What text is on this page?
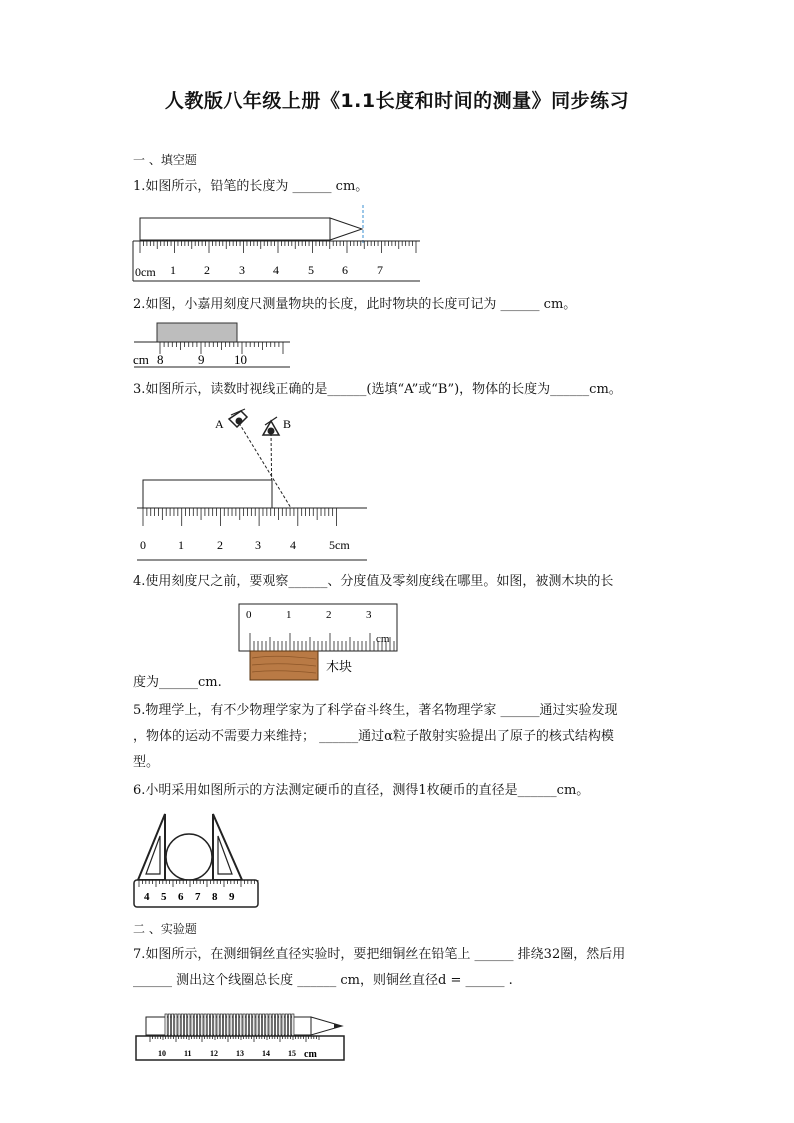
人教版八年级上册《1.1长度和时间的测量》同步练习
一 、填空题
1.如图所示，铅笔的长度为 ______ cm。
0cm 1 2 3 4 5 6 7
2.如图，小嘉用刻度尺测量物块的长度，此时物块的长度可记为 ______ cm。
cm 8	9 10
3.如图所示，读数时视线正确的是______(选填“A”或“B”)，物体的长度为______cm。
A	B
0	1	2	3 4	5cm
4.使用刻度尺之前，要观察______、分度值及零刻度线在哪里。如图，被测木块的长
0	1	2	3
cm
木块
度为______cm.
5.物理学上，有不少物理学家为了科学奋斗终生，著名物理学家 ______通过实验发现
，物体的运动不需要力来维持； ______通过α粒子散射实验提出了原子的核式结构模
型。
6.小明采用如图所示的方法测定硬币的直径，测得1枚硬币的直径是______cm。
4 5 6 7 8 9
二 、实验题
7.如图所示，在测细铜丝直径实验时，要把细铜丝在铅笔上 ______ 排绕32圈，然后用
______ 测出这个线圈总长度 ______ cm，则铜丝直径d = ______ .
10 11 12 13 14 15 cm
